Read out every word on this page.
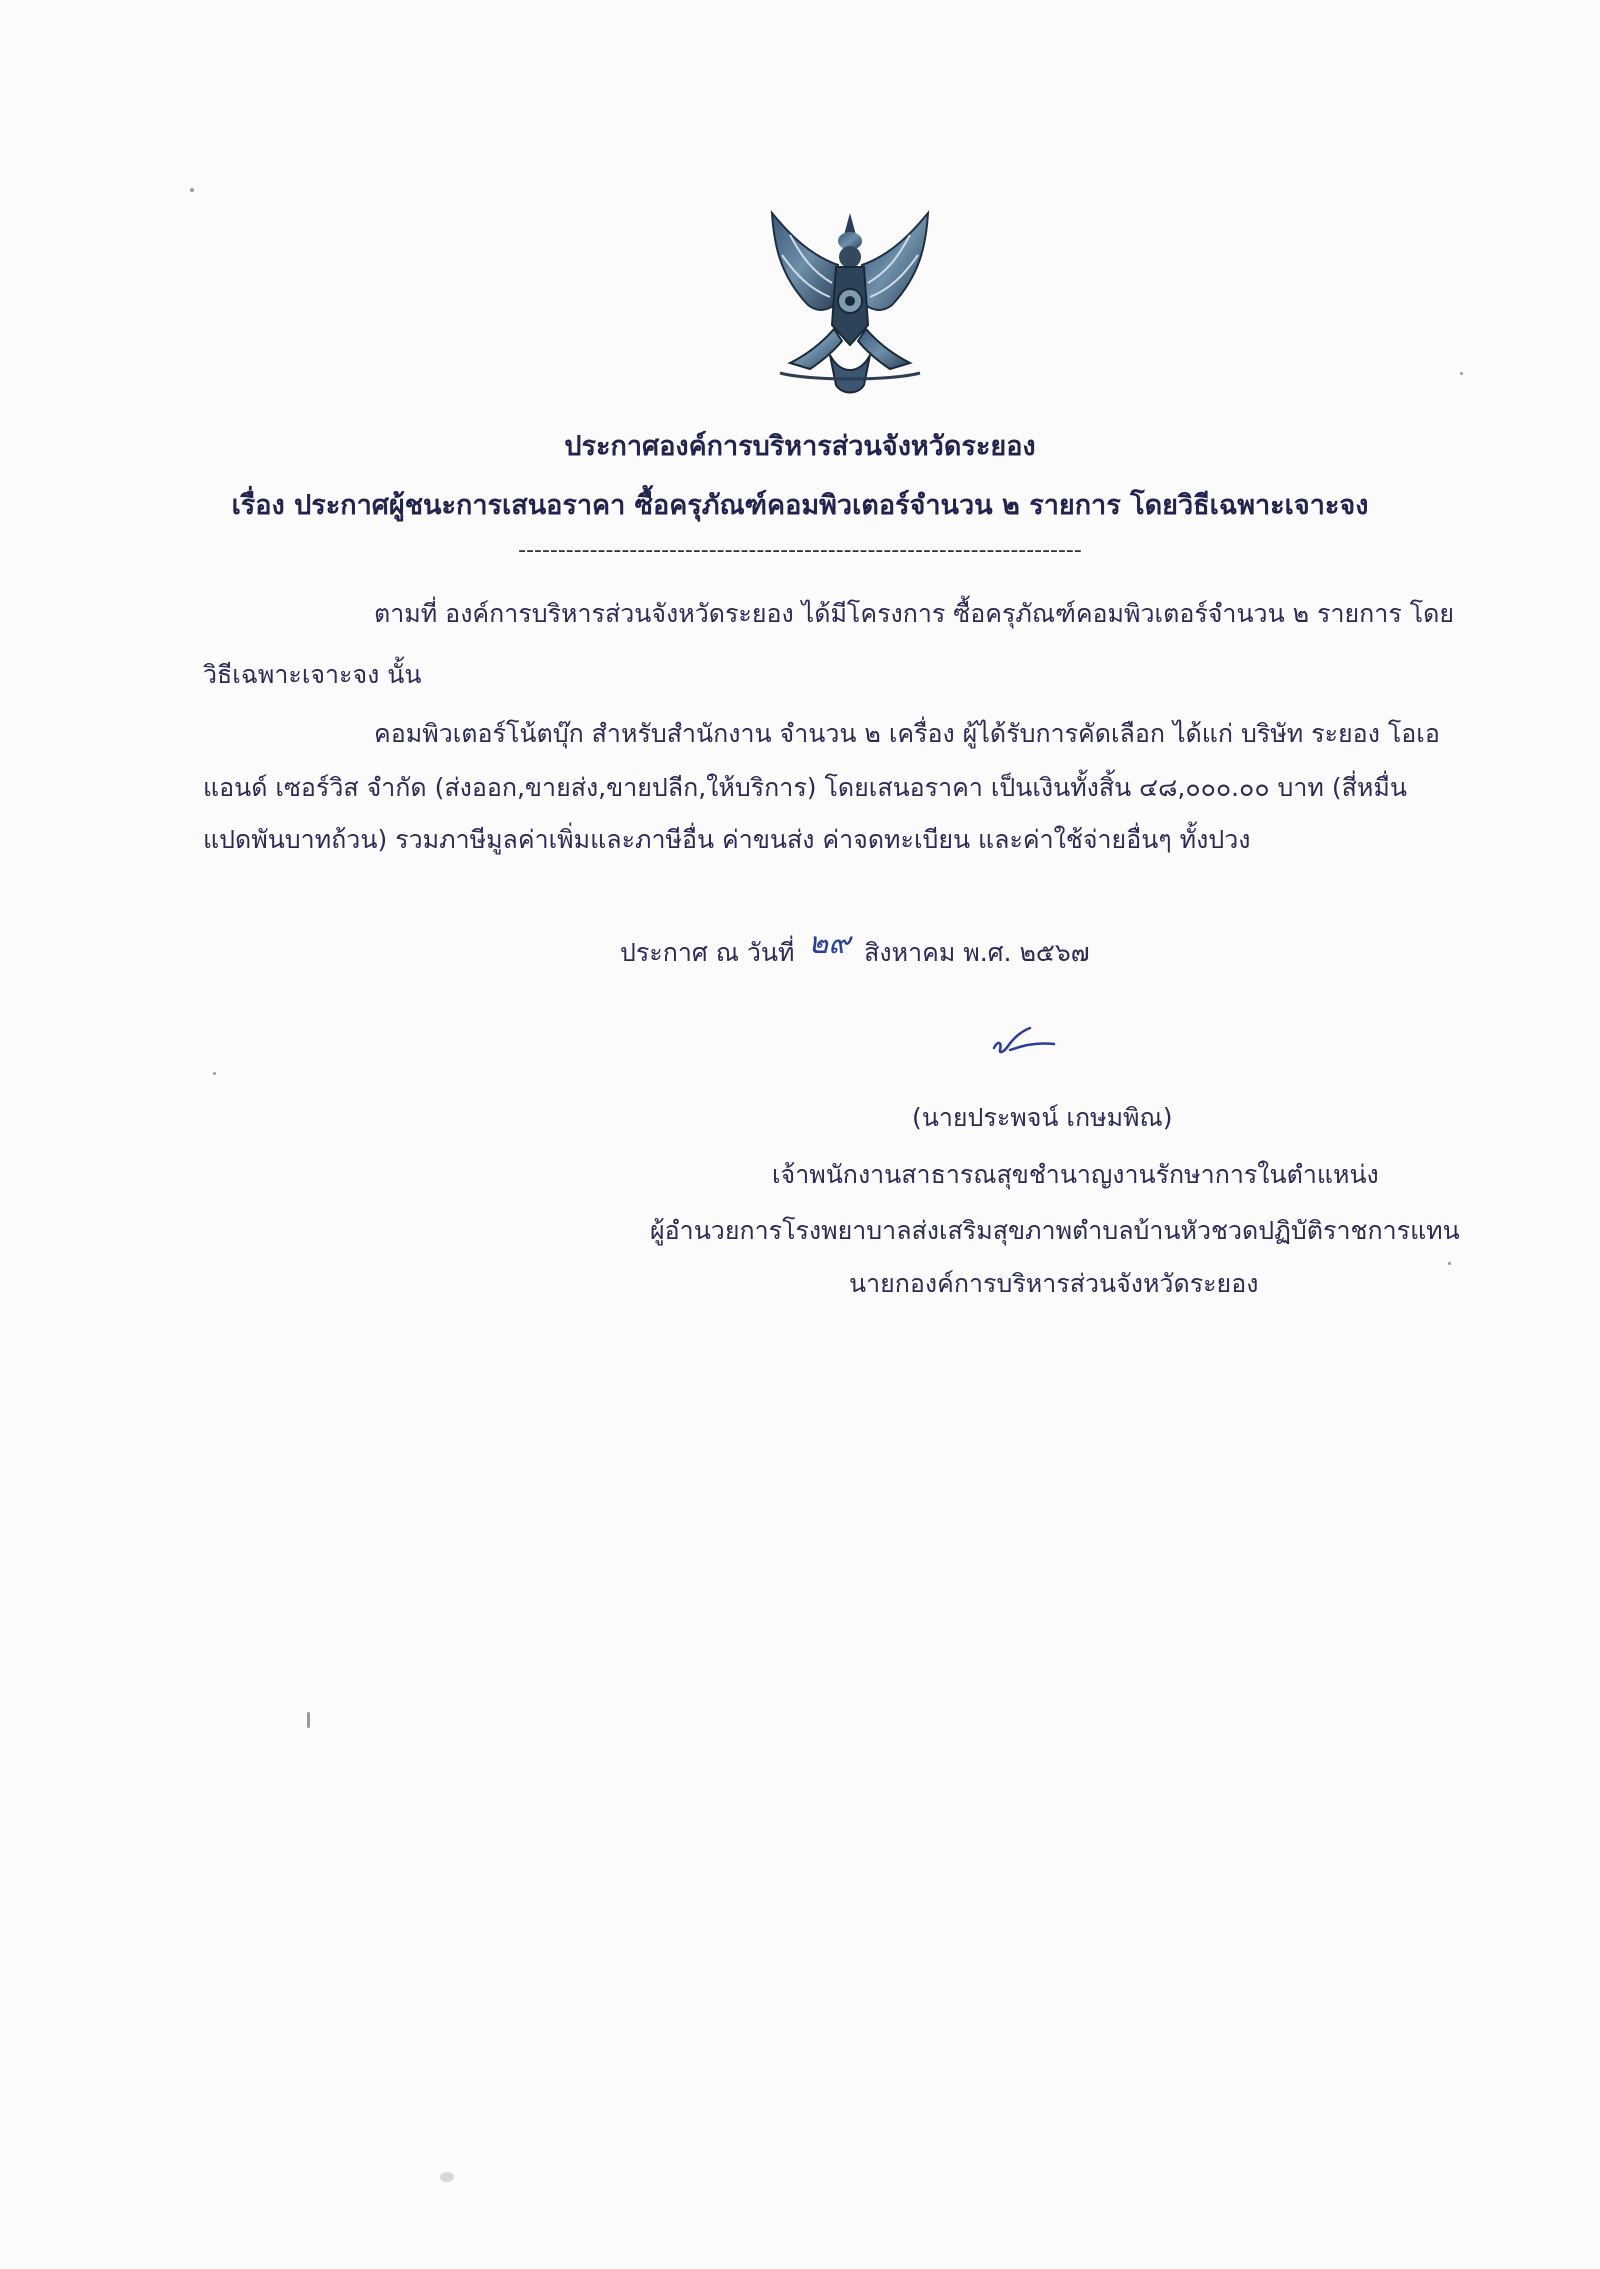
ประกาศองค์การบริหารส่วนจังหวัดระยอง
เรื่อง ประกาศผู้ชนะการเสนอราคา ซื้อครุภัณฑ์คอมพิวเตอร์จำนวน ๒ รายการ โดยวิธีเฉพาะเจาะจง
-----------------------------------------------------------------------
ตามที่ องค์การบริหารส่วนจังหวัดระยอง ได้มีโครงการ ซื้อครุภัณฑ์คอมพิวเตอร์จำนวน ๒ รายการ โดย
วิธีเฉพาะเจาะจง นั้น
คอมพิวเตอร์โน้ตบุ๊ก สำหรับสำนักงาน จำนวน ๒ เครื่อง ผู้ได้รับการคัดเลือก ได้แก่ บริษัท ระยอง โอเอ
แอนด์ เซอร์วิส จำกัด (ส่งออก,ขายส่ง,ขายปลีก,ให้บริการ) โดยเสนอราคา เป็นเงินทั้งสิ้น ๔๘,๐๐๐.๐๐ บาท (สี่หมื่น
แปดพันบาทถ้วน) รวมภาษีมูลค่าเพิ่มและภาษีอื่น ค่าขนส่ง ค่าจดทะเบียน และค่าใช้จ่ายอื่นๆ ทั้งปวง
ประกาศ ณ วันที่ ๒๙ สิงหาคม พ.ศ. ๒๕๖๗
(นายประพจน์ เกษมพิณ)
เจ้าพนักงานสาธารณสุขชำนาญงานรักษาการในตำแหน่ง
ผู้อำนวยการโรงพยาบาลส่งเสริมสุขภาพตำบลบ้านหัวชวดปฏิบัติราชการแทน
นายกองค์การบริหารส่วนจังหวัดระยอง
